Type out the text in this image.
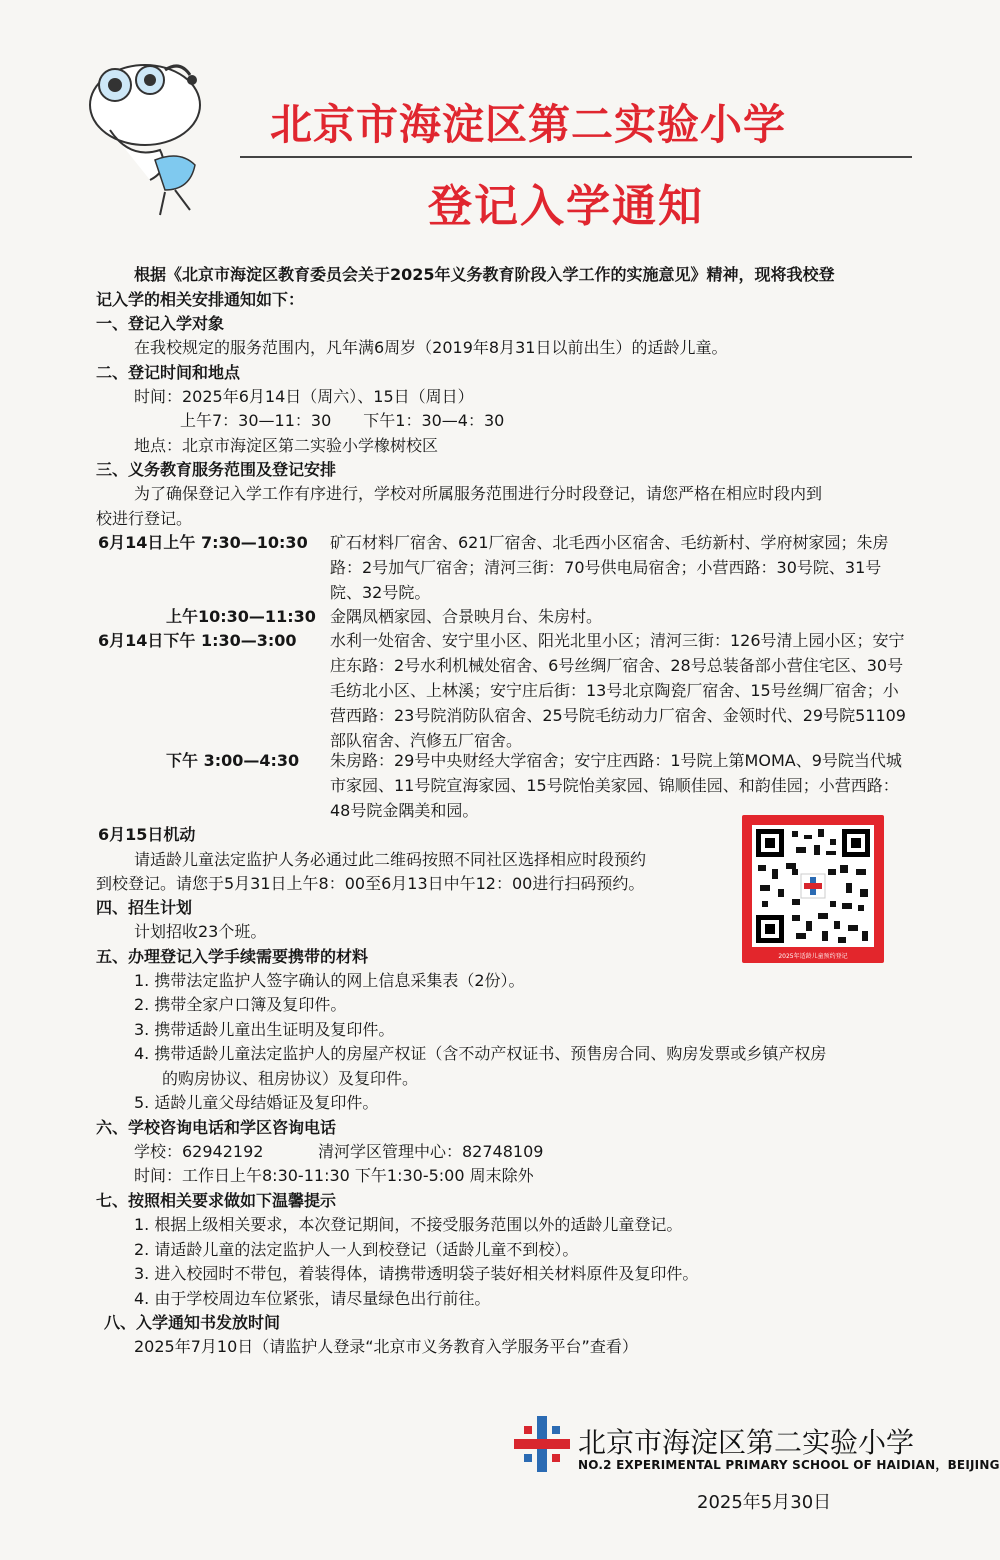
北京市海淀区第二实验小学
登记入学通知
根据《北京市海淀区教育委员会关于2025年义务教育阶段入学工作的实施意见》精神，现将我校登
记入学的相关安排通知如下：
一、登记入学对象
在我校规定的服务范围内，凡年满6周岁（2019年8月31日以前出生）的适龄儿童。
二、登记时间和地点
时间：2025年6月14日（周六）、15日（周日）
上午7：30—11：30　　下午1：30—4：30
地点：北京市海淀区第二实验小学橡树校区
三、义务教育服务范围及登记安排
为了确保登记入学工作有序进行，学校对所属服务范围进行分时段登记，请您严格在相应时段内到
校进行登记。
6月14日上午 7:30—10:30 矿石材料厂宿舍、621厂宿舍、北毛西小区宿舍、毛纺新村、学府树家园；朱房路：2号加气厂宿舍；清河三街：70号供电局宿舍；小营西路：30号院、31号院、32号院。
上午10:30—11:30 金隅凤栖家园、合景映月台、朱房村。
6月14日下午 1:30—3:00 水利一处宿舍、安宁里小区、阳光北里小区；清河三街：126号清上园小区；安宁庄东路：2号水利机械处宿舍、6号丝绸厂宿舍、28号总装备部小营住宅区、30号毛纺北小区、上林溪；安宁庄后街：13号北京陶瓷厂宿舍、15号丝绸厂宿舍；小营西路：23号院消防队宿舍、25号院毛纺动力厂宿舍、金领时代、29号院51109部队宿舍、汽修五厂宿舍。
下午 3:00—4:30 朱房路：29号中央财经大学宿舍；安宁庄西路：1号院上第MOMA、9号院当代城市家园、11号院宣海家园、15号院怡美家园、锦顺佳园、和韵佳园；小营西路：48号院金隅美和园。
6月15日机动
请适龄儿童法定监护人务必通过此二维码按照不同社区选择相应时段预约
到校登记。请您于5月31日上午8：00至6月13日中午12：00进行扫码预约。
2025年适龄儿童预约登记
四、招生计划
计划招收23个班。
五、办理登记入学手续需要携带的材料
1. 携带法定监护人签字确认的网上信息采集表（2份）。
2. 携带全家户口簿及复印件。
3. 携带适龄儿童出生证明及复印件。
4. 携带适龄儿童法定监护人的房屋产权证（含不动产权证书、预售房合同、购房发票或乡镇产权房
的购房协议、租房协议）及复印件。
5. 适龄儿童父母结婚证及复印件。
六、学校咨询电话和学区咨询电话
学校：62942192	清河学区管理中心：82748109
时间：工作日上午8:30-11:30 下午1:30-5:00 周末除外
七、按照相关要求做如下温馨提示
1. 根据上级相关要求，本次登记期间，不接受服务范围以外的适龄儿童登记。
2. 请适龄儿童的法定监护人一人到校登记（适龄儿童不到校）。
3. 进入校园时不带包，着装得体，请携带透明袋子装好相关材料原件及复印件。
4. 由于学校周边车位紧张，请尽量绿色出行前往。
八、入学通知书发放时间
2025年7月10日（请监护人登录“北京市义务教育入学服务平台”查看）
北京市海淀区第二实验小学
NO.2 EXPERIMENTAL PRIMARY SCHOOL OF HAIDIAN，BEIJING
2025年5月30日
